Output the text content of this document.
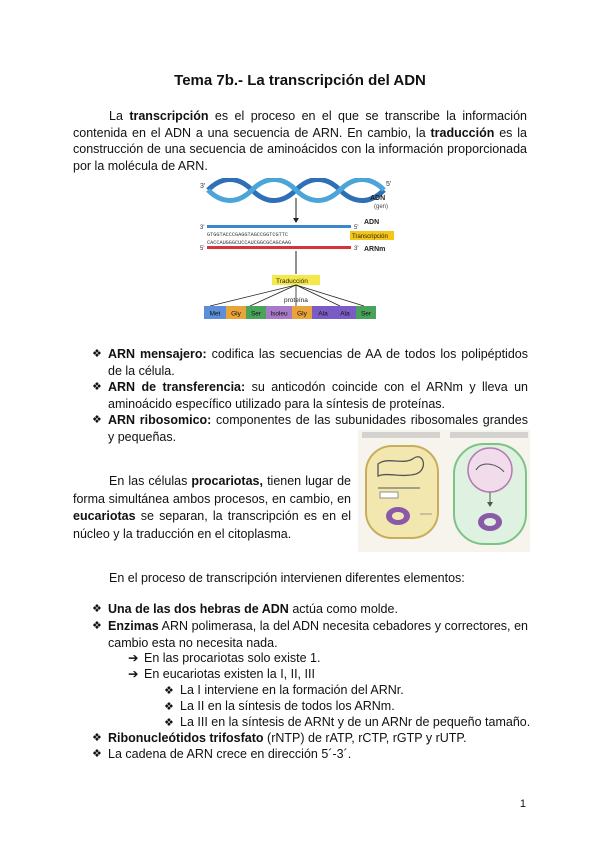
Tema 7b.- La transcripción del ADN

La transcripción es el proceso en el que se transcribe la información contenida en el ADN a una secuencia de ARN. En cambio, la traducción es la construcción de una secuencia de aminoácidos con la información proporcionada por la molécula de ARN.

3'	5'
ADN
(gen)
3'	5'
ADN
GTGGTACCCGAGGTAGCCGGTCGTTC	Transcripción
CACCAUGGGCUCCAUCGGCGCAGCAAG
5'	3' ARNm
Traducción
proteína
Met Gly Ser Isoleu Gly Ala Ala Ser
❖ ARN mensajero: codifica las secuencias de AA de todos los polipéptidos de la célula.
❖ ARN de transferencia: su anticodón coincide con el ARNm y lleva un aminoácido específico utilizado para la síntesis de proteínas.
❖ ARN ribosomico: componentes de las subunidades ribosomales grandes y pequeñas.

En las células procariotas, tienen lugar de forma simultánea ambos procesos, en cambio, en eucariotas se separan, la transcripción es en el núcleo y la traducción en el citoplasma.

En el proceso de transcripción intervienen diferentes elementos:

❖ Una de las dos hebras de ADN actúa como molde.
❖ Enzimas ARN polimerasa, la del ADN necesita cebadores y correctores, en cambio esta no necesita nada.
➔ En las procariotas solo existe 1.
➔ En eucariotas existen la I, II, III
❖ La I interviene en la formación del ARNr.
❖ La II en la síntesis de todos los ARNm.
❖ La III en la síntesis de ARNt y de un ARNr de pequeño tamaño.
❖ Ribonucleótidos trifosfato (rNTP) de rATP, rCTP, rGTP y rUTP.
❖ La cadena de ARN crece en dirección 5´-3´.
1
